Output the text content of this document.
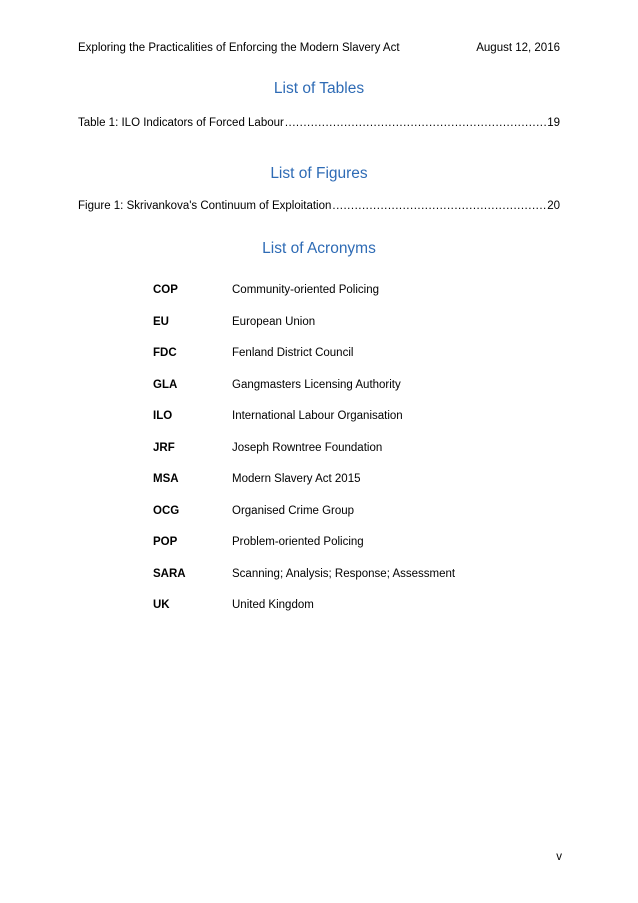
Exploring the Practicalities of Enforcing the Modern Slavery Act	August 12, 2016
List of Tables
Table 1: ILO Indicators of Forced Labour .....	19
List of Figures
Figure 1: Skrivankova's Continuum of Exploitation .....	20
List of Acronyms
COP	Community-oriented Policing
EU	European Union
FDC	Fenland District Council
GLA	Gangmasters Licensing Authority
ILO	International Labour Organisation
JRF	Joseph Rowntree Foundation
MSA	Modern Slavery Act 2015
OCG	Organised Crime Group
POP	Problem-oriented Policing
SARA	Scanning; Analysis; Response; Assessment
UK	United Kingdom
v
